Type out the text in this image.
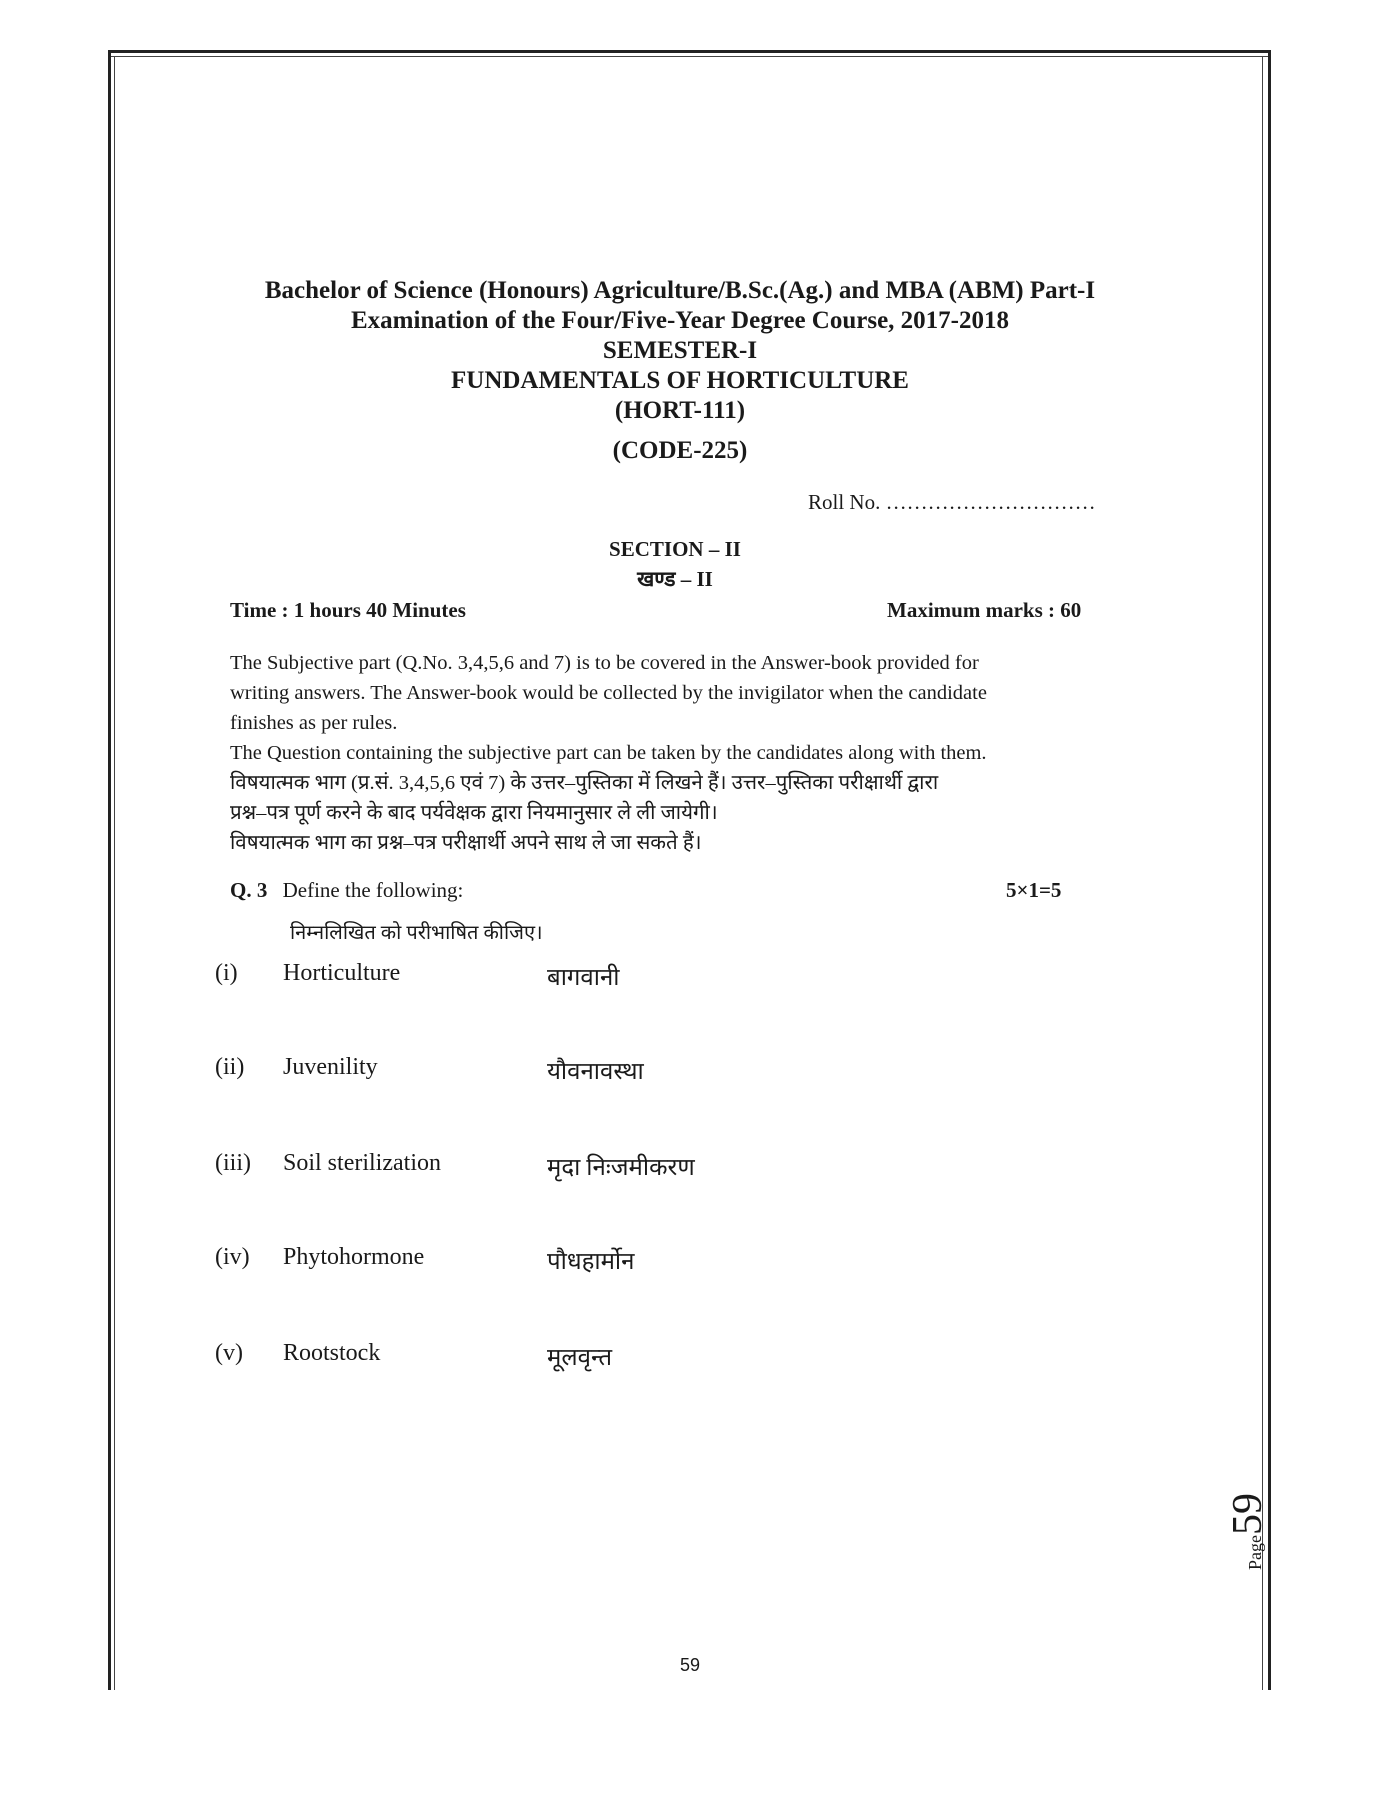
Bachelor of Science (Honours) Agriculture/B.Sc.(Ag.) and MBA (ABM) Part-I
Examination of the Four/Five-Year Degree Course, 2017-2018
SEMESTER-I
FUNDAMENTALS OF HORTICULTURE
(HORT-111)
(CODE-225)
Roll No. …………………………
SECTION – II
खण्ड – II
Time : 1 hours 40 Minutes	Maximum marks : 60

The Subjective part (Q.No. 3,4,5,6 and 7) is to be covered in the Answer-book provided for

writing answers. The Answer-book would be collected by the invigilator when the candidate

finishes as per rules.

The Question containing the subjective part can be taken by the candidates along with them.

विषयात्मक भाग (प्र.सं. 3,4,5,6 एवं 7) के उत्तर–पुस्तिका में लिखने हैं। उत्तर–पुस्तिका परीक्षार्थी द्वारा

प्रश्न–पत्र पूर्ण करने के बाद पर्यवेक्षक द्वारा नियमानुसार ले ली जायेगी।

विषयात्मक भाग का प्रश्न–पत्र परीक्षार्थी अपने साथ ले जा सकते हैं।

Q. 3 Define the following:	5×1=5
निम्नलिखित को परीभाषित कीजिए।
(i) Horticulture	बागवानी
(ii) Juvenility	यौवनावस्था
(iii) Soil sterilization	मृदा निःजमीकरण
(iv) Phytohormone	पौधहार्मोन
(v) Rootstock	मूलवृन्त
Page59
59
